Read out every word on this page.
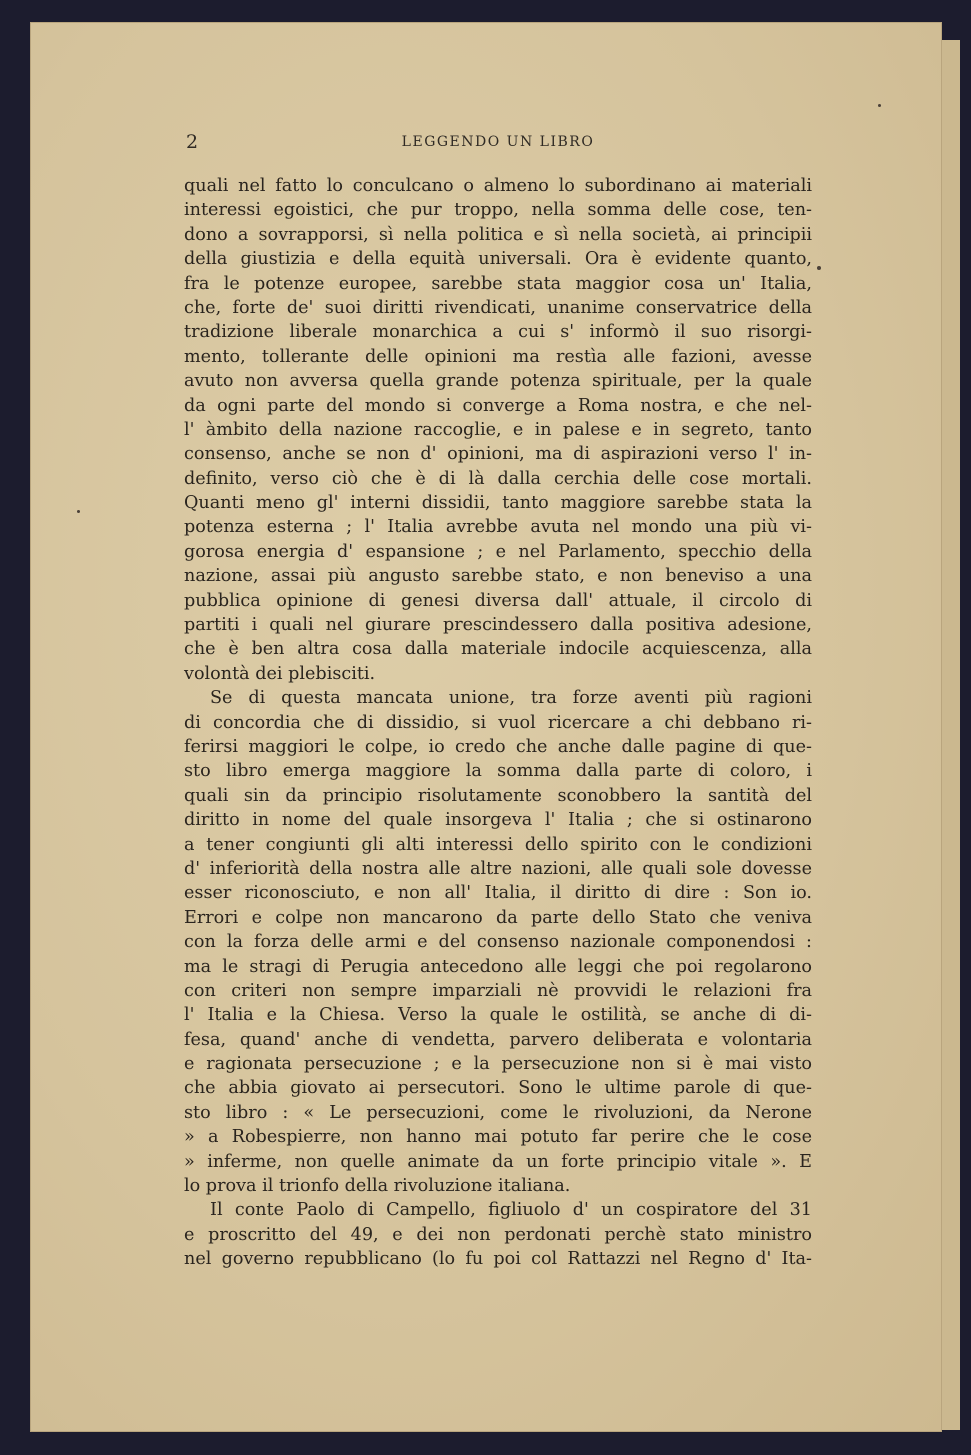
2	LEGGENDO UN LIBRO
quali nel fatto lo conculcano o almeno lo subordinano ai materiali
interessi egoistici, che pur troppo, nella somma delle cose, ten-
dono a sovrapporsi, sì nella politica e sì nella società, ai principii
della giustizia e della equità universali. Ora è evidente quanto,
fra le potenze europee, sarebbe stata maggior cosa un' Italia,
che, forte de' suoi diritti rivendicati, unanime conservatrice della
tradizione liberale monarchica a cui s' informò il suo risorgi-
mento, tollerante delle opinioni ma restìa alle fazioni, avesse
avuto non avversa quella grande potenza spirituale, per la quale
da ogni parte del mondo si converge a Roma nostra, e che nel-
l' àmbito della nazione raccoglie, e in palese e in segreto, tanto
consenso, anche se non d' opinioni, ma di aspirazioni verso l' in-
definito, verso ciò che è di là dalla cerchia delle cose mortali.
Quanti meno gl' interni dissidii, tanto maggiore sarebbe stata la
potenza esterna ; l' Italia avrebbe avuta nel mondo una più vi-
gorosa energia d' espansione ; e nel Parlamento, specchio della
nazione, assai più angusto sarebbe stato, e non beneviso a una
pubblica opinione di genesi diversa dall' attuale, il circolo di
partiti i quali nel giurare prescindessero dalla positiva adesione,
che è ben altra cosa dalla materiale indocile acquiescenza, alla
volontà dei plebisciti.
Se di questa mancata unione, tra forze aventi più ragioni
di concordia che di dissidio, si vuol ricercare a chi debbano ri-
ferirsi maggiori le colpe, io credo che anche dalle pagine di que-
sto libro emerga maggiore la somma dalla parte di coloro, i
quali sin da principio risolutamente sconobbero la santità del
diritto in nome del quale insorgeva l' Italia ; che si ostinarono
a tener congiunti gli alti interessi dello spirito con le condizioni
d' inferiorità della nostra alle altre nazioni, alle quali sole dovesse
esser riconosciuto, e non all' Italia, il diritto di dire : Son io.
Errori e colpe non mancarono da parte dello Stato che veniva
con la forza delle armi e del consenso nazionale componendosi :
ma le stragi di Perugia antecedono alle leggi che poi regolarono
con criteri non sempre imparziali nè provvidi le relazioni fra
l' Italia e la Chiesa. Verso la quale le ostilità, se anche di di-
fesa, quand' anche di vendetta, parvero deliberata e volontaria
e ragionata persecuzione ; e la persecuzione non si è mai visto
che abbia giovato ai persecutori. Sono le ultime parole di que-
sto libro : « Le persecuzioni, come le rivoluzioni, da Nerone
» a Robespierre, non hanno mai potuto far perire che le cose
» inferme, non quelle animate da un forte principio vitale ». E
lo prova il trionfo della rivoluzione italiana.
Il conte Paolo di Campello, figliuolo d' un cospiratore del 31
e proscritto del 49, e dei non perdonati perchè stato ministro
nel governo repubblicano (lo fu poi col Rattazzi nel Regno d' Ita-
